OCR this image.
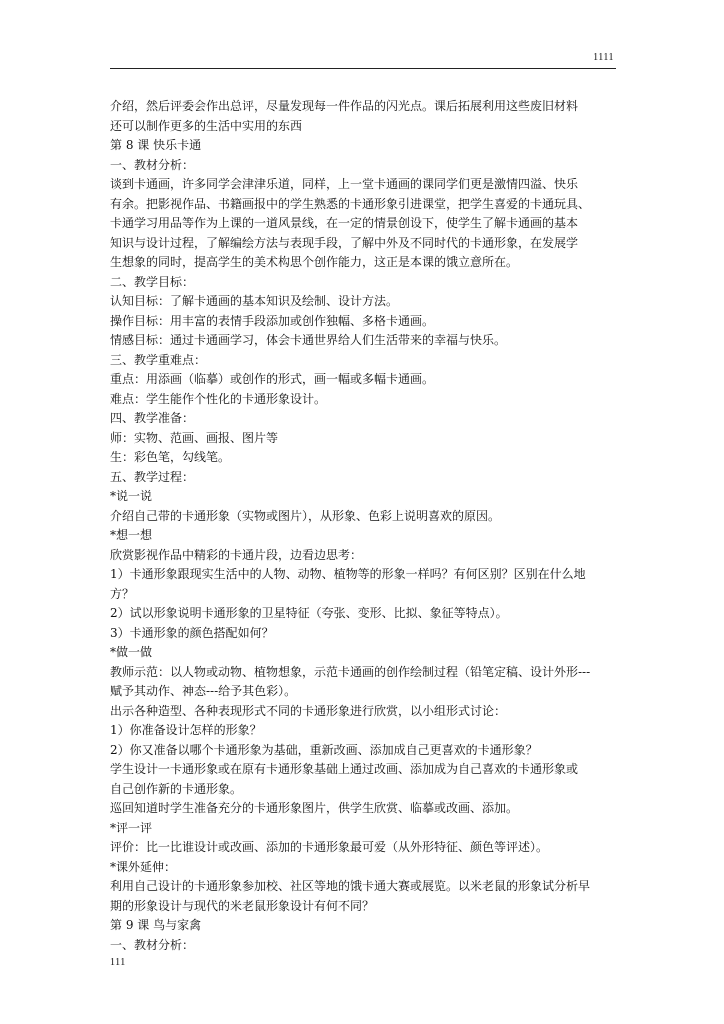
1111
介绍，然后评委会作出总评，尽量发现每一件作品的闪光点。课后拓展利用这些废旧材料
还可以制作更多的生活中实用的东西
第 8 课 快乐卡通
一、教材分析：
谈到卡通画，许多同学会津津乐道，同样，上一堂卡通画的课同学们更是激情四溢、快乐
有余。把影视作品、书籍画报中的学生熟悉的卡通形象引进课堂，把学生喜爱的卡通玩具、
卡通学习用品等作为上课的一道风景线，在一定的情景创设下，使学生了解卡通画的基本
知识与设计过程，了解编绘方法与表现手段，了解中外及不同时代的卡通形象，在发展学
生想象的同时，提高学生的美术构思个创作能力，这正是本课的饿立意所在。
二、教学目标：
认知目标：了解卡通画的基本知识及绘制、设计方法。
操作目标：用丰富的表情手段添加或创作独幅、多格卡通画。
情感目标：通过卡通画学习，体会卡通世界给人们生活带来的幸福与快乐。
三、教学重难点：
重点：用添画（临摹）或创作的形式，画一幅或多幅卡通画。
难点：学生能作个性化的卡通形象设计。
四、教学准备：
师：实物、范画、画报、图片等
生：彩色笔，勾线笔。
五、教学过程：
*说一说
介绍自己带的卡通形象（实物或图片），从形象、色彩上说明喜欢的原因。
*想一想
欣赏影视作品中精彩的卡通片段，边看边思考：
1）卡通形象跟现实生活中的人物、动物、植物等的形象一样吗？有何区别？区别在什么地
方？
2）试以形象说明卡通形象的卫星特征（夸张、变形、比拟、象征等特点）。
3）卡通形象的颜色搭配如何？
*做一做
教师示范：以人物或动物、植物想象，示范卡通画的创作绘制过程（铅笔定稿、设计外形---
赋予其动作、神态---给予其色彩）。
出示各种造型、各种表现形式不同的卡通形象进行欣赏，以小组形式讨论：
1）你准备设计怎样的形象？
2）你又准备以哪个卡通形象为基础，重新改画、添加成自己更喜欢的卡通形象？
学生设计一卡通形象或在原有卡通形象基础上通过改画、添加成为自己喜欢的卡通形象或
自己创作新的卡通形象。
巡回知道时学生准备充分的卡通形象图片，供学生欣赏、临摹或改画、添加。
*评一评
评价：比一比谁设计或改画、添加的卡通形象最可爱（从外形特征、颜色等评述）。
*课外延伸：
利用自己设计的卡通形象参加校、社区等地的饿卡通大赛或展览。以米老鼠的形象试分析早
期的形象设计与现代的米老鼠形象设计有何不同？
第 9 课 鸟与家禽
一、教材分析：
111
